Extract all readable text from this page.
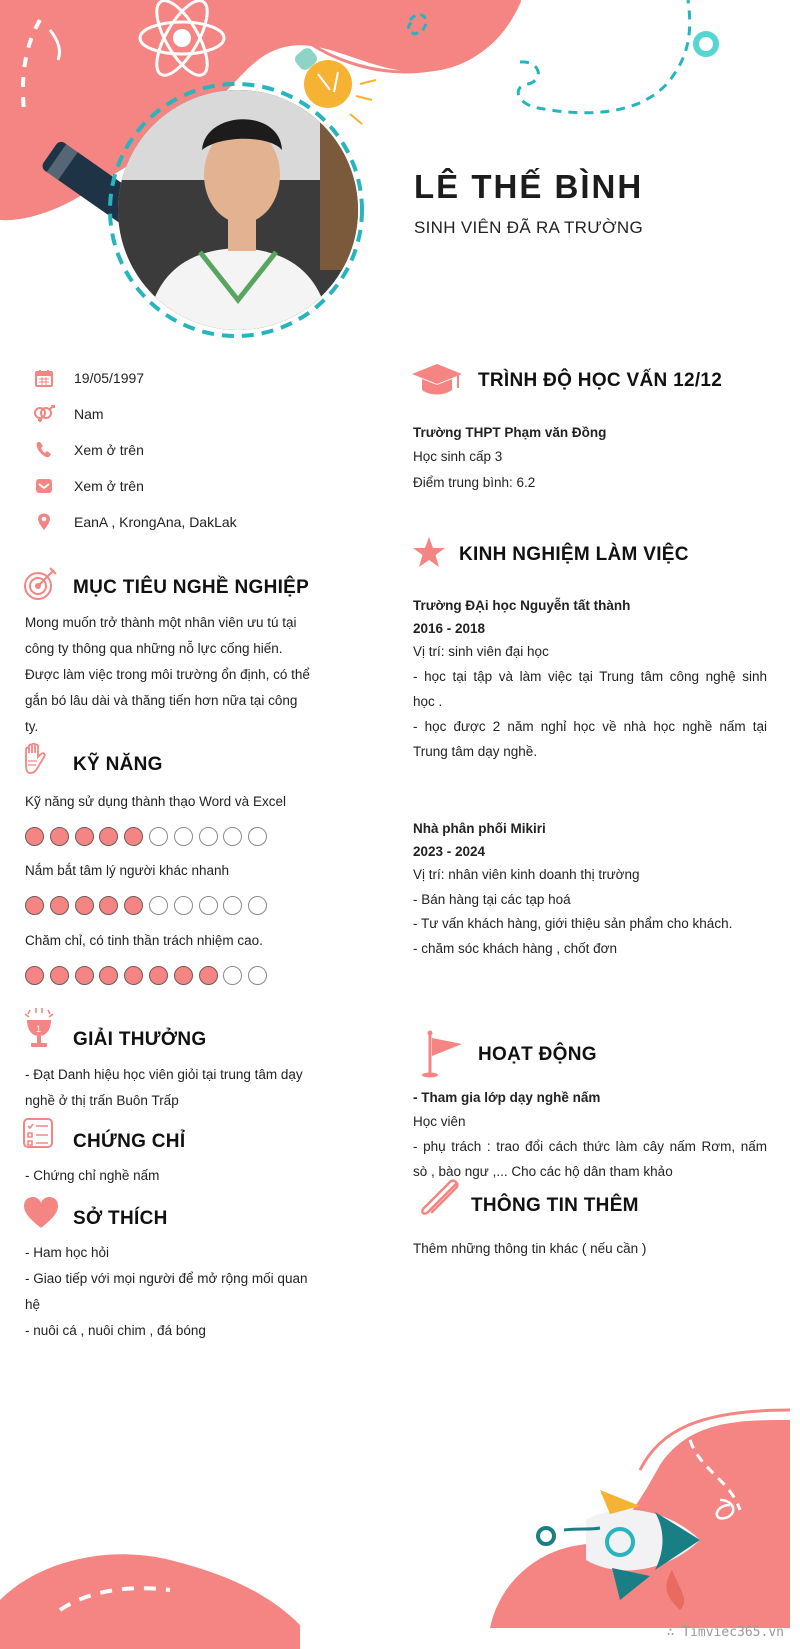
LÊ THẾ BÌNH
SINH VIÊN ĐÃ RA TRƯỜNG
19/05/1997
Nam
Xem ở trên
Xem ở trên
EanA , KrongAna, DakLak
MỤC TIÊU NGHỀ NGHIỆP
Mong muốn trở thành một nhân viên ưu tú tại
công ty thông qua những nỗ lực cống hiến.
Được làm việc trong môi trường ổn định, có thể
gắn bó lâu dài và thăng tiến hơn nữa tại công
ty.
KỸ NĂNG
Kỹ năng sử dụng thành thạo Word và Excel
Nắm bắt tâm lý người khác nhanh
Chăm chỉ, có tinh thần trách nhiệm cao.
1 GIẢI THƯỞNG
- Đạt Danh hiệu học viên giỏi tại trung tâm dạy
nghề ở thị trấn Buôn Trấp
CHỨNG CHỈ
- Chứng chỉ nghề nấm
SỞ THÍCH
- Ham học hỏi
- Giao tiếp với mọi người để mở rộng mối quan
hệ
- nuôi cá , nuôi chim , đá bóng
TRÌNH ĐỘ HỌC VẤN 12/12
Trường THPT Phạm văn Đồng
Học sinh cấp 3
Điểm trung bình: 6.2
KINH NGHIỆM LÀM VIỆC
Trường ĐẠi học Nguyễn tất thành
2016 - 2018
Vị trí: sinh viên đại học
- học tại tập và làm việc tại Trung tâm công nghệ sinh
học .
- học được 2 năm nghỉ học về nhà học nghề nấm tại
Trung tâm dạy nghề.
Nhà phân phối Mikiri
2023 - 2024
Vị trí: nhân viên kinh doanh thị trường
- Bán hàng tại các tạp hoá
- Tư vấn khách hàng, giới thiệu sản phẩm cho khách.
- chăm sóc khách hàng , chốt đơn
HOẠT ĐỘNG
- Tham gia lớp dạy nghề nấm
Học viên
- phụ trách : trao đổi cách thức làm cây nấm Rơm, nấm
sò , bào ngư ,... Cho các hộ dân tham khảo
THÔNG TIN THÊM
Thêm những thông tin khác ( nếu cần )
∴ Timviec365.vn
